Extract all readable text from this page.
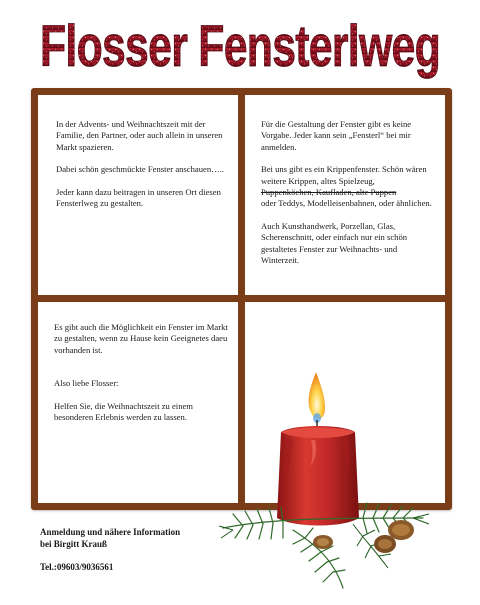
Flosser Fensterlweg

In der Advents- und Weihnachtszeit mit der Familie, den Partner, oder auch allein in unseren Markt spazieren.

Dabei schön geschmückte Fenster anschauen…..

Jeder kann dazu beitragen in unseren Ort diesen Fensterlweg zu gestalten.

Für die Gestaltung der Fenster gibt es keine Vorgabe. Jeder kann sein „Fensterl“ bei mir anmelden.

Bei uns gibt es ein Krippenfenster. Schön wären weitere Krippen, altes Spielzeug,
Puppenköchen, Kaufladen, alte Puppen
oder Teddys, Modelleisenbahnen, oder ähnlichen.

Auch Kunsthandwerk, Porzellan, Glas, Scherenschnitt, oder einfach nur ein schön gestaltetes Fenster zur Weihnachts- und Winterzeit.

Es gibt auch die Möglichkeit ein Fenster im Markt zu gestalten, wenn zu Hause kein Geeignetes daeu vorhanden ist.

Also liebe Flosser:

Helfen Sie, die Weihnachtszeit zu einem besonderen Erlebnis werden zu lassen.

Anmeldung und nähere Information
bei Birgitt Krauß
Tel.:09603/9036561
